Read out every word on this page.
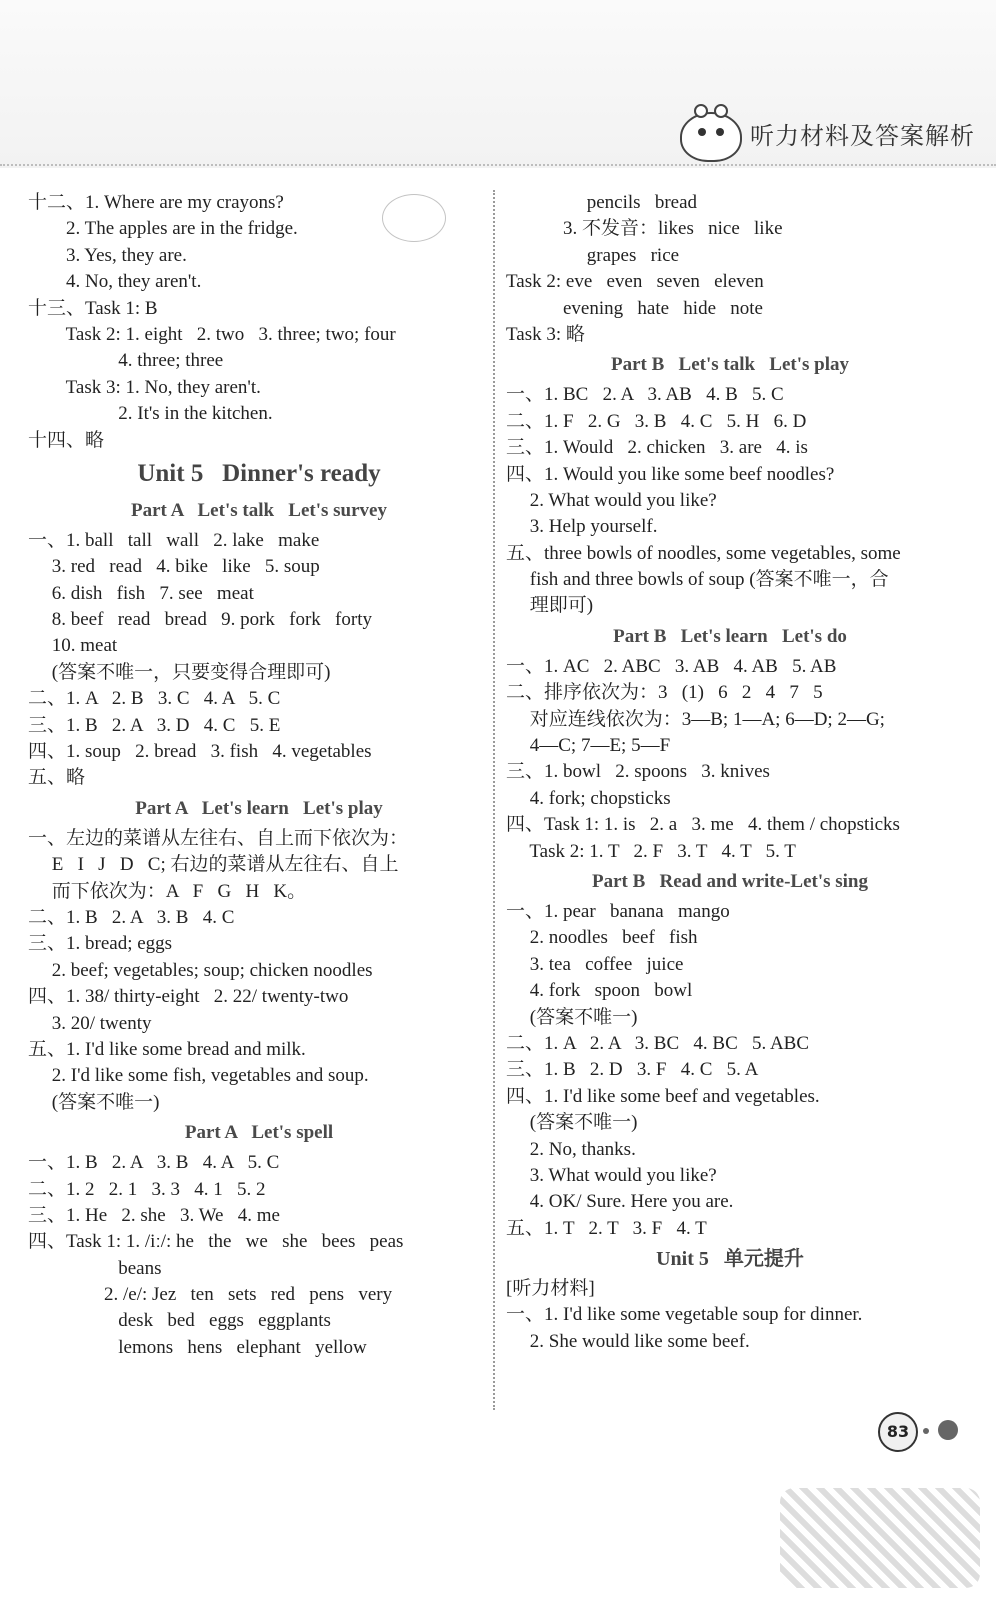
听力材料及答案解析
十二、1. Where are my crayons?
2. The apples are in the fridge.
3. Yes, they are.
4. No, they aren't.
十三、Task 1: B
Task 2: 1. eight   2. two   3. three; two; four
4. three; three
Task 3: 1. No, they aren't.
2. It's in the kitchen.
十四、略
Unit 5   Dinner's ready
Part A   Let's talk   Let's survey
一、1. ball   tall   wall   2. lake   make
3. red   read   4. bike   like   5. soup
6. dish   fish   7. see   meat
8. beef   read   bread   9. pork   fork   forty
10. meat
(答案不唯一，只要变得合理即可)
二、1. A   2. B   3. C   4. A   5. C
三、1. B   2. A   3. D   4. C   5. E
四、1. soup   2. bread   3. fish   4. vegetables
五、略
Part A   Let's learn   Let's play
一、左边的菜谱从左往右、自上而下依次为：
E   I   J   D   C; 右边的菜谱从左往右、自上
而下依次为：A   F   G   H   K。
二、1. B   2. A   3. B   4. C
三、1. bread; eggs
2. beef; vegetables; soup; chicken noodles
四、1. 38/ thirty-eight   2. 22/ twenty-two
3. 20/ twenty
五、1. I'd like some bread and milk.
2. I'd like some fish, vegetables and soup.
(答案不唯一)
Part A   Let's spell
一、1. B   2. A   3. B   4. A   5. C
二、1. 2   2. 1   3. 3   4. 1   5. 2
三、1. He   2. she   3. We   4. me
四、Task 1: 1. /iː/: he   the   we   she   bees   peas
beans
2. /e/: Jez   ten   sets   red   pens   very
desk   bed   eggs   eggplants
lemons   hens   elephant   yellow
pencils   bread
3. 不发音：likes   nice   like
grapes   rice
Task 2: eve   even   seven   eleven
evening   hate   hide   note
Task 3: 略
Part B   Let's talk   Let's play
一、1. BC   2. A   3. AB   4. B   5. C
二、1. F   2. G   3. B   4. C   5. H   6. D
三、1. Would   2. chicken   3. are   4. is
四、1. Would you like some beef noodles?
2. What would you like?
3. Help yourself.
五、three bowls of noodles, some vegetables, some
fish and three bowls of soup (答案不唯一，合
理即可)
Part B   Let's learn   Let's do
一、1. AC   2. ABC   3. AB   4. AB   5. AB
二、排序依次为：3   (1)   6   2   4   7   5
对应连线依次为：3—B; 1—A; 6—D; 2—G;
4—C; 7—E; 5—F
三、1. bowl   2. spoons   3. knives
4. fork; chopsticks
四、Task 1: 1. is   2. a   3. me   4. them / chopsticks
Task 2: 1. T   2. F   3. T   4. T   5. T
Part B   Read and write-Let's sing
一、1. pear   banana   mango
2. noodles   beef   fish
3. tea   coffee   juice
4. fork   spoon   bowl
(答案不唯一)
二、1. A   2. A   3. BC   4. BC   5. ABC
三、1. B   2. D   3. F   4. C   5. A
四、1. I'd like some beef and vegetables.
(答案不唯一)
2. No, thanks.
3. What would you like?
4. OK/ Sure. Here you are.
五、1. T   2. T   3. F   4. T
Unit 5   单元提升
[听力材料]
一、1. I'd like some vegetable soup for dinner.
2. She would like some beef.
83
